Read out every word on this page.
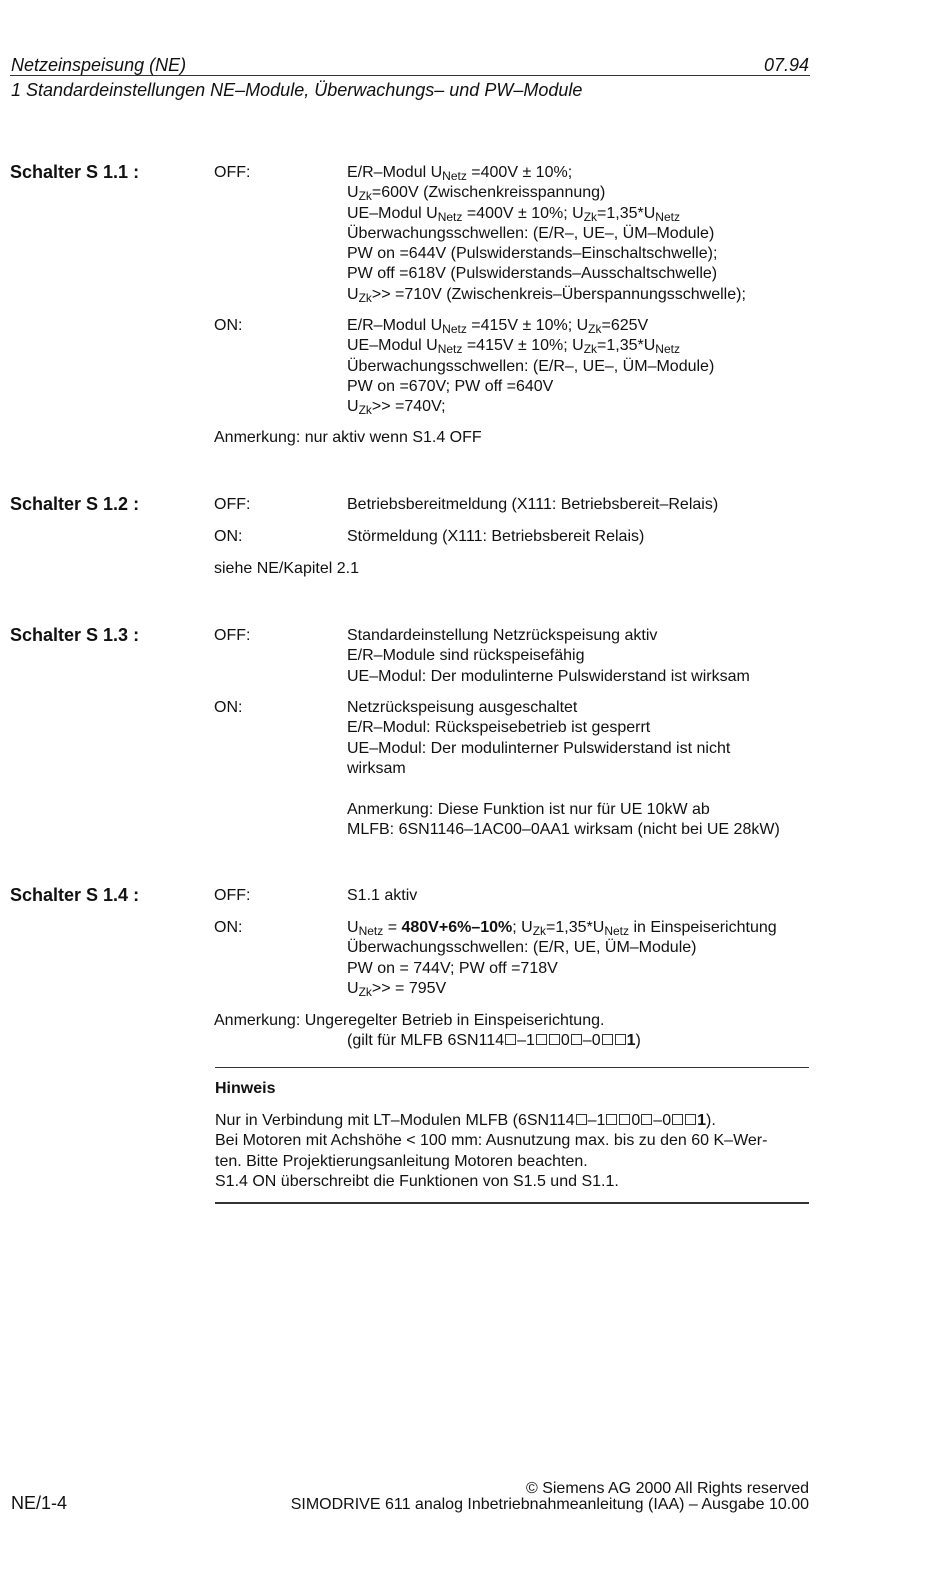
Netzeinspeisung (NE)	07.94
1 Standardeinstellungen NE–Module, Überwachungs– und PW–Module
Schalter S 1.1 :	OFF:	E/R–Modul $U_{Netz} =400V \pm 10\%$;
$U_{Zk}=600V$ (Zwischenkreisspannung)
UE–Modul $U_{Netz} =400V \pm 10\%$; $U_{Zk}=1,35*U_{Netz}$
Überwachungsschwellen: (E/R–, UE–, ÜM–Module)
PW on =644V (Pulswiderstands–Einschaltschwelle);
PW off =618V (Pulswiderstands–Ausschaltschwelle)
$U_{Zk}>> =710V$ (Zwischenkreis–Überspannungsschwelle);
ON:	E/R–Modul $U_{Netz} =415V \pm 10\%$; $U_{Zk}=625V$
UE–Modul $U_{Netz} =415V \pm 10\%$; $U_{Zk}=1,35*U_{Netz}$
Überwachungsschwellen: (E/R–, UE–, ÜM–Module)
PW on =670V; PW off =640V
$U_{Zk}>> =740V$;
Anmerkung: nur aktiv wenn S1.4 OFF
Schalter S 1.2 :	OFF:	Betriebsbereitmeldung (X111: Betriebsbereit–Relais)
ON:	Störmeldung (X111: Betriebsbereit Relais)
siehe NE/Kapitel 2.1
Schalter S 1.3 :	OFF:	Standardeinstellung Netzrückspeisung aktiv
E/R–Module sind rückspeisefähig
UE–Modul: Der modulinterne Pulswiderstand ist wirksam
ON:	Netzrückspeisung ausgeschaltet
E/R–Modul: Rückspeisebetrieb ist gesperrt
UE–Modul: Der modulinterner Pulswiderstand ist nicht
wirksam
Anmerkung: Diese Funktion ist nur für UE 10kW ab
MLFB: 6SN1146–1AC00–0AA1 wirksam (nicht bei UE 28kW)
Schalter S 1.4 :	OFF:	S1.1 aktiv
ON:	$U_{Netz} = 480V+6\%-10\%$; $U_{Zk}=1,35*U_{Netz}$ in Einspeiserichtung
Überwachungsschwellen: (E/R, UE, ÜM–Module)
PW on = 744V; PW off =718V
$U_{Zk}>> = 795V$
Anmerkung: Ungeregelter Betrieb in Einspeiserichtung.
(gilt für MLFB 6SN114 –1 0 –0 1)
Hinweis
Nur in Verbindung mit LT–Modulen MLFB (6SN114 –1 0 –0 1).
Bei Motoren mit Achshöhe < 100 mm: Ausnutzung max. bis zu den 60 K–Wer-
ten. Bitte Projektierungsanleitung Motoren beachten.
S1.4 ON überschreibt die Funktionen von S1.5 und S1.1.
NE/1-4
© Siemens AG 2000 All Rights reserved
SIMODRIVE 611 analog Inbetriebnahmeanleitung (IAA) – Ausgabe 10.00
